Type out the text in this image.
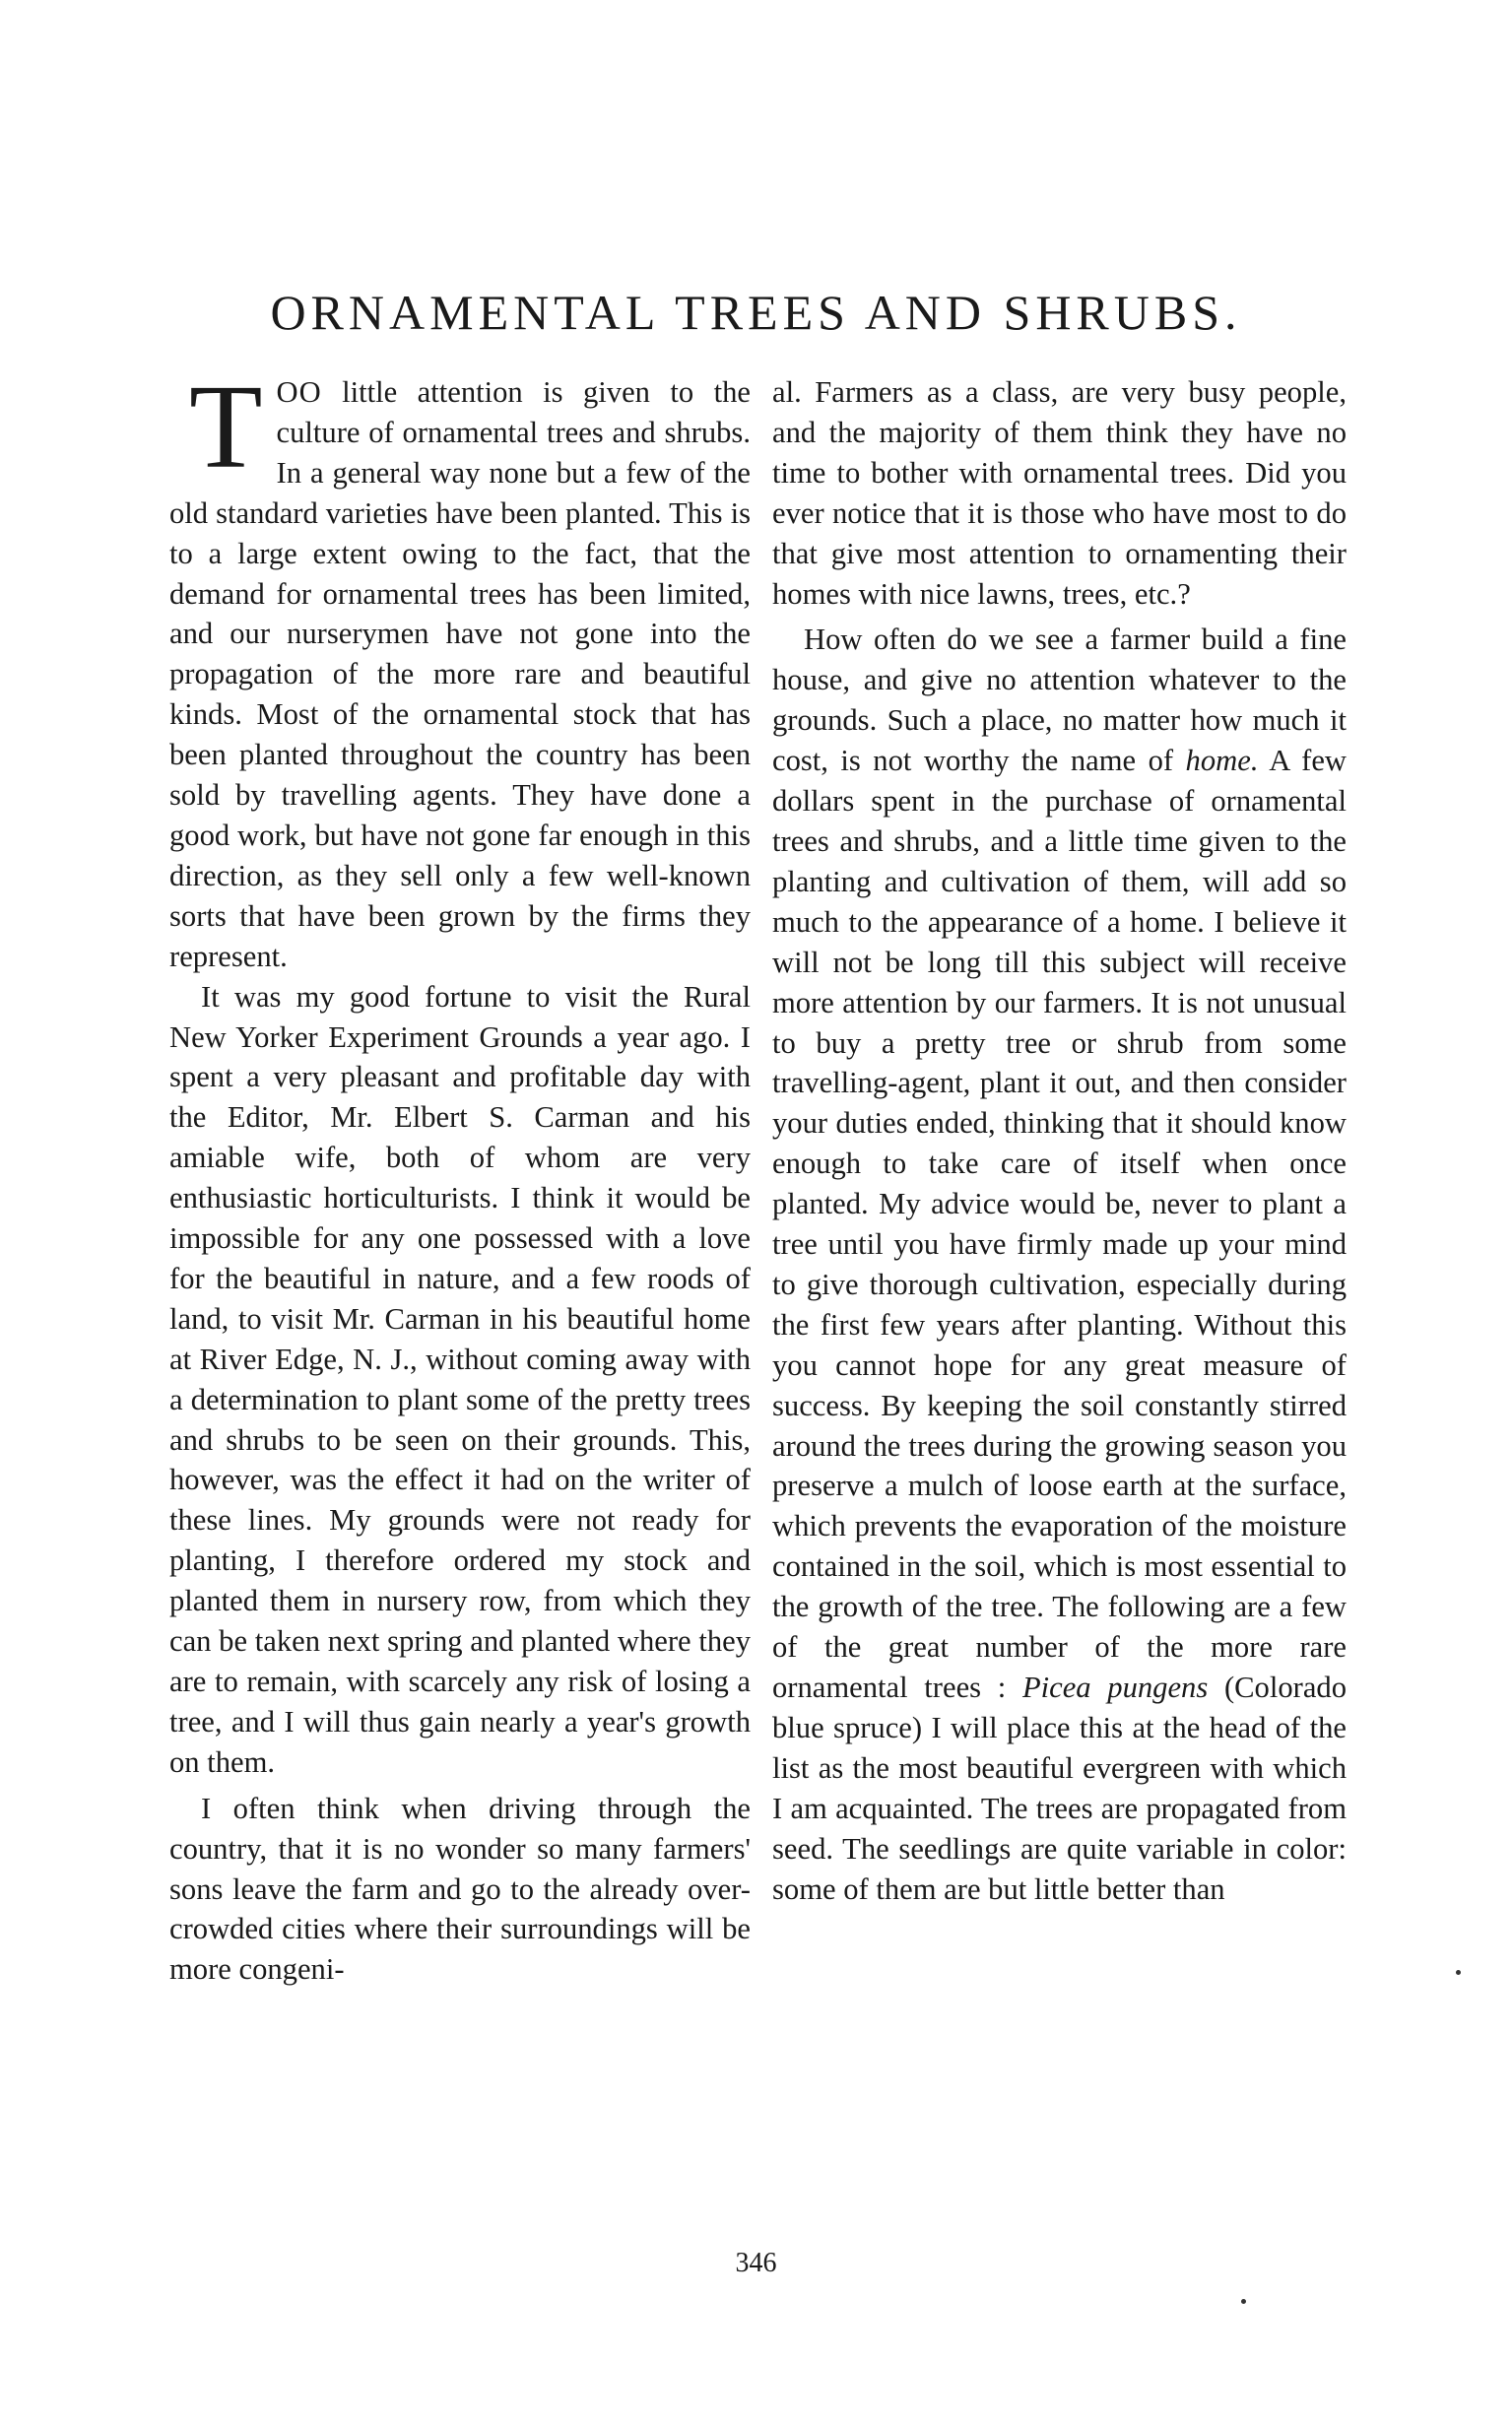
ORNAMENTAL TREES AND SHRUBS.

TOO little attention is given to the culture of ornamental trees and shrubs. In a general way none but a few of the old standard varieties have been planted. This is to a large extent owing to the fact, that the demand for ornamental trees has been limited, and our nurserymen have not gone into the propagation of the more rare and beautiful kinds. Most of the ornamental stock that has been planted throughout the country has been sold by travelling agents. They have done a good work, but have not gone far enough in this direction, as they sell only a few well-known sorts that have been grown by the firms they represent.

It was my good fortune to visit the Rural New Yorker Experiment Grounds a year ago. I spent a very pleasant and profitable day with the Editor, Mr. Elbert S. Carman and his amiable wife, both of whom are very enthusiastic horticulturists. I think it would be impossible for any one possessed with a love for the beautiful in nature, and a few roods of land, to visit Mr. Carman in his beautiful home at River Edge, N. J., without coming away with a determination to plant some of the pretty trees and shrubs to be seen on their grounds. This, however, was the effect it had on the writer of these lines. My grounds were not ready for planting, I therefore ordered my stock and planted them in nursery row, from which they can be taken next spring and planted where they are to remain, with scarcely any risk of losing a tree, and I will thus gain nearly a year's growth on them.

I often think when driving through the country, that it is no wonder so many farmers' sons leave the farm and go to the already over-crowded cities where their surroundings will be more congeni-

al. Farmers as a class, are very busy people, and the majority of them think they have no time to bother with ornamental trees. Did you ever notice that it is those who have most to do that give most attention to ornamenting their homes with nice lawns, trees, etc.?

How often do we see a farmer build a fine house, and give no attention whatever to the grounds. Such a place, no matter how much it cost, is not worthy the name of home. A few dollars spent in the purchase of ornamental trees and shrubs, and a little time given to the planting and cultivation of them, will add so much to the appearance of a home. I believe it will not be long till this subject will receive more attention by our farmers. It is not unusual to buy a pretty tree or shrub from some travelling-agent, plant it out, and then consider your duties ended, thinking that it should know enough to take care of itself when once planted. My advice would be, never to plant a tree until you have firmly made up your mind to give thorough cultivation, especially during the first few years after planting. Without this you cannot hope for any great measure of success. By keeping the soil constantly stirred around the trees during the growing season you preserve a mulch of loose earth at the surface, which prevents the evaporation of the moisture contained in the soil, which is most essential to the growth of the tree. The following are a few of the great number of the more rare ornamental trees : Picea pungens (Colorado blue spruce) I will place this at the head of the list as the most beautiful evergreen with which I am acquainted. The trees are propagated from seed. The seedlings are quite variable in color: some of them are but little better than

346
